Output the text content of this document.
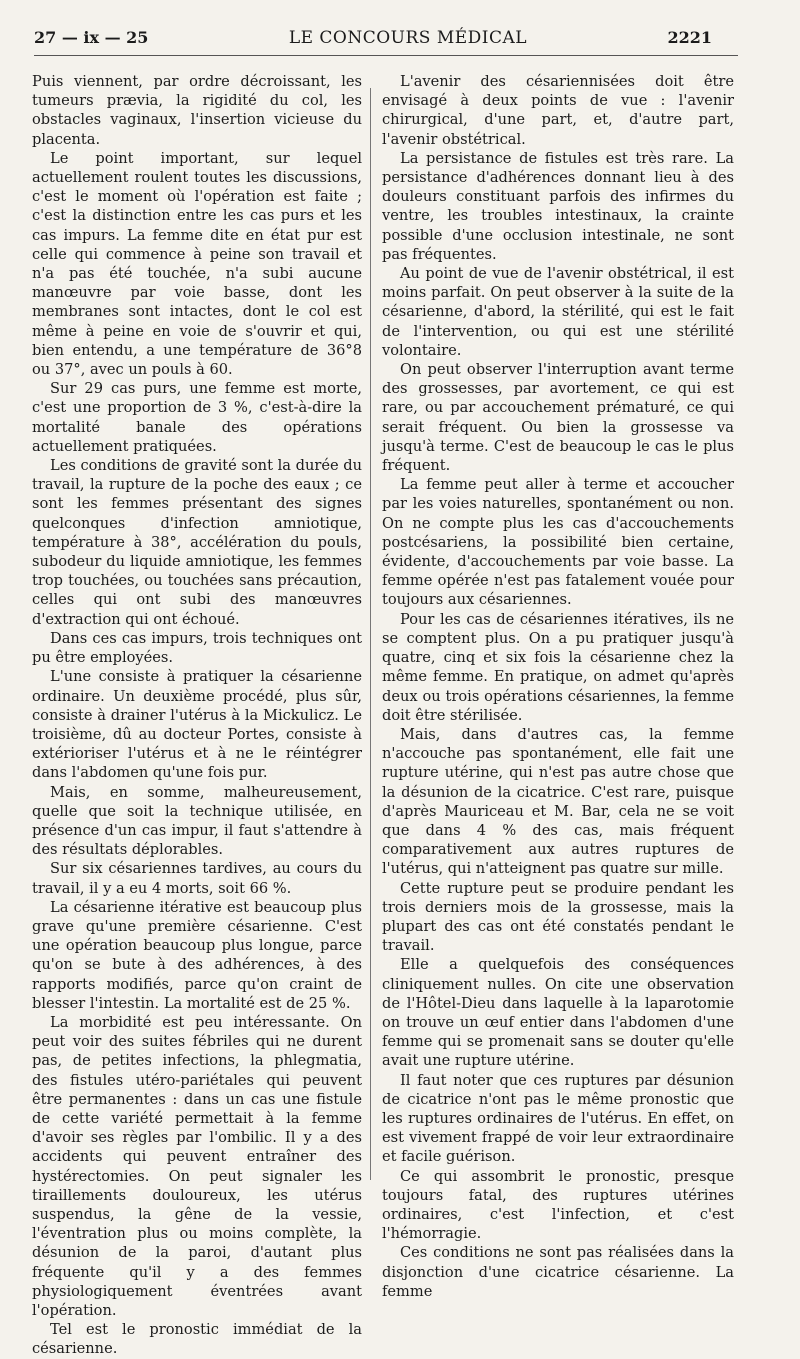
27 — ix — 25	LE CONCOURS MÉDICAL	2221

Puis viennent, par ordre décroissant, les tumeurs prævia, la rigidité du col, les obstacles vaginaux, l'insertion vicieuse du placenta.

Le point important, sur lequel actuellement roulent toutes les discussions, c'est le moment où l'opération est faite ; c'est la distinction entre les cas purs et les cas impurs. La femme dite en état pur est celle qui commence à peine son travail et n'a pas été touchée, n'a subi aucune manœuvre par voie basse, dont les membranes sont intactes, dont le col est même à peine en voie de s'ouvrir et qui, bien entendu, a une température de 36°8 ou 37°, avec un pouls à 60.

Sur 29 cas purs, une femme est morte, c'est une proportion de 3 %, c'est-à-dire la mortalité banale des opérations actuellement pratiquées.

Les conditions de gravité sont la durée du travail, la rupture de la poche des eaux ; ce sont les femmes présentant des signes quelconques d'infection amniotique, température à 38°, accélération du pouls, subodeur du liquide amniotique, les femmes trop touchées, ou touchées sans précaution, celles qui ont subi des manœuvres d'extraction qui ont échoué.

Dans ces cas impurs, trois techniques ont pu être employées.

L'une consiste à pratiquer la césarienne ordinaire. Un deuxième procédé, plus sûr, consiste à drainer l'utérus à la Mickulicz. Le troisième, dû au docteur Portes, consiste à extérioriser l'utérus et à ne le réintégrer dans l'abdomen qu'une fois pur.

Mais, en somme, malheureusement, quelle que soit la technique utilisée, en présence d'un cas impur, il faut s'attendre à des résultats déplorables.

Sur six césariennes tardives, au cours du travail, il y a eu 4 morts, soit 66 %.

La césarienne itérative est beaucoup plus grave qu'une première césarienne. C'est une opération beaucoup plus longue, parce qu'on se bute à des adhérences, à des rapports modifiés, parce qu'on craint de blesser l'intestin. La mortalité est de 25 %.

La morbidité est peu intéressante. On peut voir des suites fébriles qui ne durent pas, de petites infections, la phlegmatia, des fistules utéro-pariétales qui peuvent être permanentes : dans un cas une fistule de cette variété permettait à la femme d'avoir ses règles par l'ombilic. Il y a des accidents qui peuvent entraîner des hystérectomies. On peut signaler les tiraillements douloureux, les utérus suspendus, la gêne de la vessie, l'éventration plus ou moins complète, la désunion de la paroi, d'autant plus fréquente qu'il y a des femmes physiologiquement éventrées avant l'opération.

Tel est le pronostic immédiat de la césarienne.

L'avenir des césariennisées doit être envisagé à deux points de vue : l'avenir chirurgical, d'une part, et, d'autre part, l'avenir obstétrical.

La persistance de fistules est très rare. La persistance d'adhérences donnant lieu à des douleurs constituant parfois des infirmes du ventre, les troubles intestinaux, la crainte possible d'une occlusion intestinale, ne sont pas fréquentes.

Au point de vue de l'avenir obstétrical, il est moins parfait. On peut observer à la suite de la césarienne, d'abord, la stérilité, qui est le fait de l'intervention, ou qui est une stérilité volontaire.

On peut observer l'interruption avant terme des grossesses, par avortement, ce qui est rare, ou par accouchement prématuré, ce qui serait fréquent. Ou bien la grossesse va jusqu'à terme. C'est de beaucoup le cas le plus fréquent.

La femme peut aller à terme et accoucher par les voies naturelles, spontanément ou non. On ne compte plus les cas d'accouchements postcésariens, la possibilité bien certaine, évidente, d'accouchements par voie basse. La femme opérée n'est pas fatalement vouée pour toujours aux césariennes.

Pour les cas de césariennes itératives, ils ne se comptent plus. On a pu pratiquer jusqu'à quatre, cinq et six fois la césarienne chez la même femme. En pratique, on admet qu'après deux ou trois opérations césariennes, la femme doit être stérilisée.

Mais, dans d'autres cas, la femme n'accouche pas spontanément, elle fait une rupture utérine, qui n'est pas autre chose que la désunion de la cicatrice. C'est rare, puisque d'après Mauriceau et M. Bar, cela ne se voit que dans 4 % des cas, mais fréquent comparativement aux autres ruptures de l'utérus, qui n'atteignent pas quatre sur mille.

Cette rupture peut se produire pendant les trois derniers mois de la grossesse, mais la plupart des cas ont été constatés pendant le travail.

Elle a quelquefois des conséquences cliniquement nulles. On cite une observation de l'Hôtel-Dieu dans laquelle à la laparotomie on trouve un œuf entier dans l'abdomen d'une femme qui se promenait sans se douter qu'elle avait une rupture utérine.

Il faut noter que ces ruptures par désunion de cicatrice n'ont pas le même pronostic que les ruptures ordinaires de l'utérus. En effet, on est vivement frappé de voir leur extraordinaire et facile guérison.

Ce qui assombrit le pronostic, presque toujours fatal, des ruptures utérines ordinaires, c'est l'infection, et c'est l'hémorragie.

Ces conditions ne sont pas réalisées dans la disjonction d'une cicatrice césarienne. La femme
